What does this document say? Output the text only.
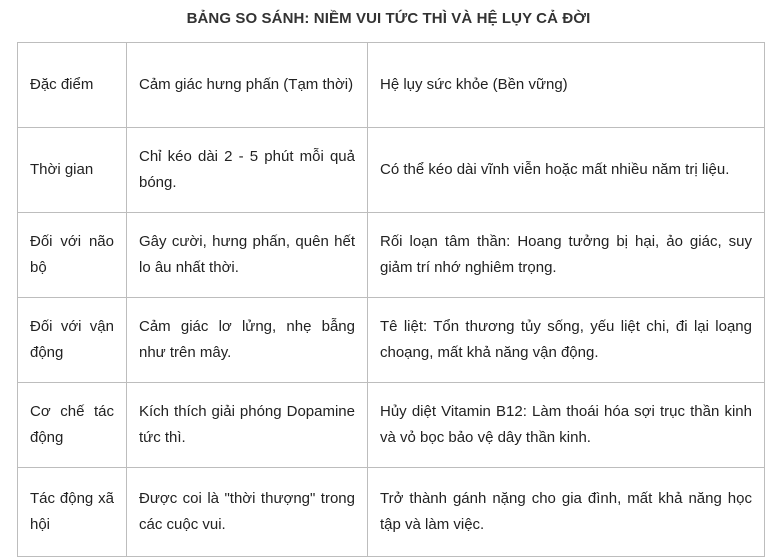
BẢNG SO SÁNH: NIỀM VUI TỨC THÌ VÀ HỆ LỤY CẢ ĐỜI
Đặc điểm	Cảm giác hưng phấn (Tạm thời)	Hệ lụy sức khỏe (Bền vững)
Thời gian	Chỉ kéo dài 2 - 5 phút mỗi quả bóng.	Có thể kéo dài vĩnh viễn hoặc mất nhiều năm trị liệu.
Đối với não bộ	Gây cười, hưng phấn, quên hết lo âu nhất thời.	Rối loạn tâm thần: Hoang tưởng bị hại, ảo giác, suy giảm trí nhớ nghiêm trọng.
Đối với vận động	Cảm giác lơ lửng, nhẹ bẫng như trên mây.	Tê liệt: Tổn thương tủy sống, yếu liệt chi, đi lại loạng choạng, mất khả năng vận động.
Cơ chế tác động	Kích thích giải phóng Dopamine tức thì.	Hủy diệt Vitamin B12: Làm thoái hóa sợi trục thần kinh và vỏ bọc bảo vệ dây thần kinh.
Tác động xã hội	Được coi là "thời thượng" trong các cuộc vui.	Trở thành gánh nặng cho gia đình, mất khả năng học tập và làm việc.
